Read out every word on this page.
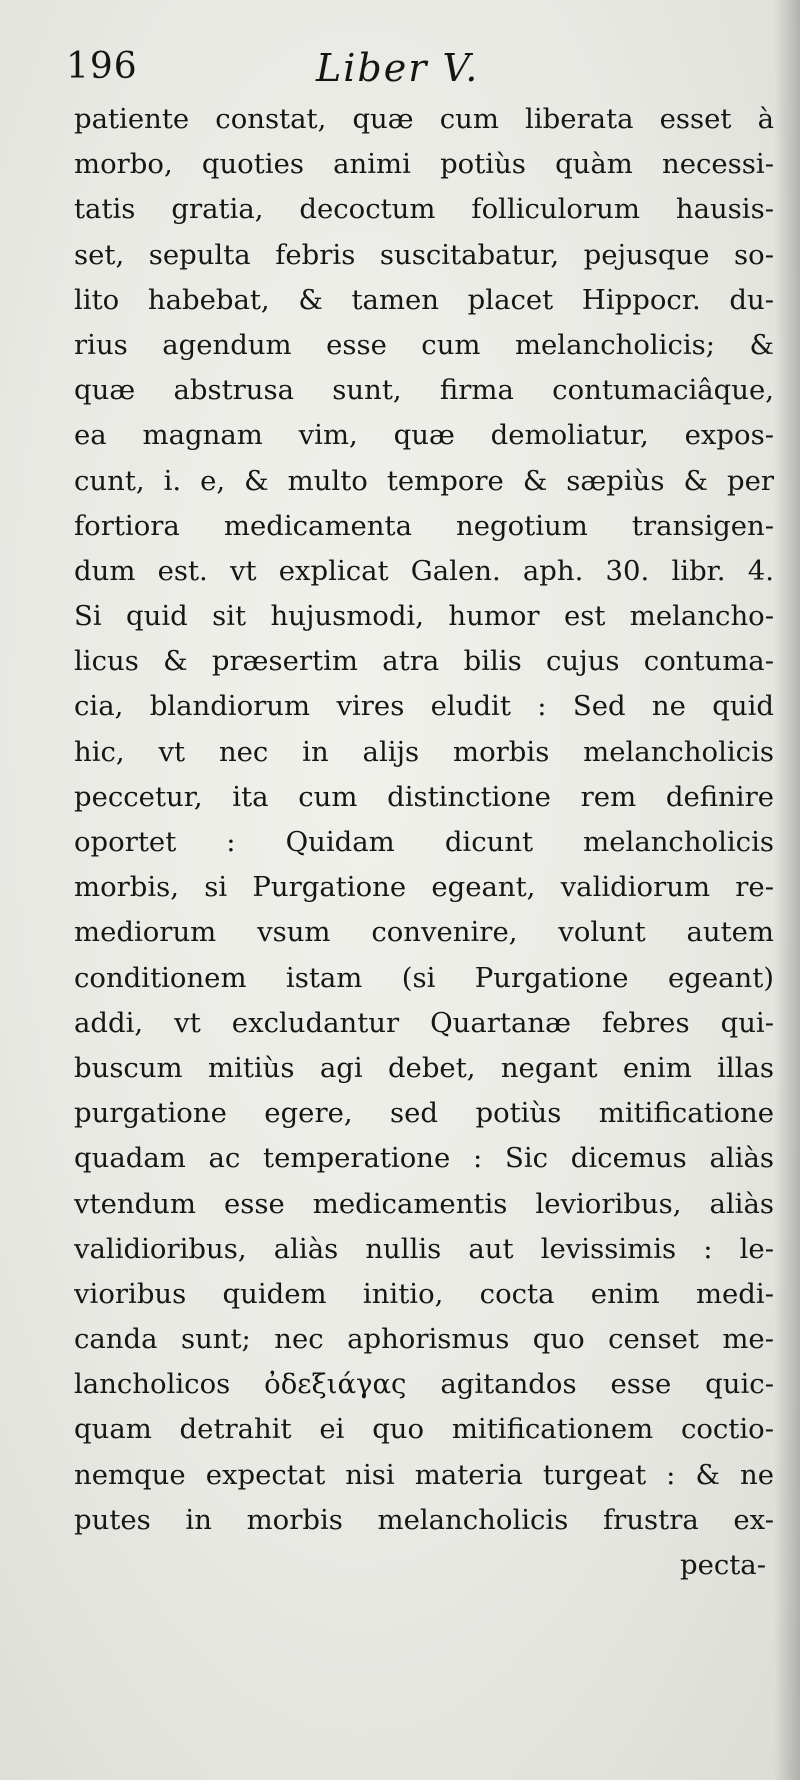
196	Liber V.
patiente constat, quæ cum liberata esset à
morbo, quoties animi potiùs quàm necessi-
tatis gratia, decoctum folliculorum hausis-
set, sepulta febris suscitabatur, pejusque so-
lito habebat, & tamen placet Hippocr. du-
rius agendum esse cum melancholicis; &
quæ abstrusa sunt, firma contumaciâque,
ea magnam vim, quæ demoliatur, expos-
cunt, i. e, & multo tempore & sæpiùs & per
fortiora medicamenta negotium transigen-
dum est. vt explicat Galen. aph. 30. libr. 4.
Si quid sit hujusmodi, humor est melancho-
licus & præsertim atra bilis cujus contuma-
cia, blandiorum vires eludit : Sed ne quid
hic, vt nec in alijs morbis melancholicis
peccetur, ita cum distinctione rem definire
oportet : Quidam dicunt melancholicis
morbis, si Purgatione egeant, validiorum re-
mediorum vsum convenire, volunt autem
conditionem istam (si Purgatione egeant)
addi, vt excludantur Quartanæ febres qui-
buscum mitiùs agi debet, negant enim illas
purgatione egere, sed potiùs mitificatione
quadam ac temperatione : Sic dicemus aliàs
vtendum esse medicamentis levioribus, aliàs
validioribus, aliàs nullis aut levissimis : le-
vioribus quidem initio, cocta enim medi-
canda sunt; nec aphorismus quo censet me-
lancholicos ὀδεξιάγας agitandos esse quic-
quam detrahit ei quo mitificationem coctio-
nemque expectat nisi materia turgeat : & ne
putes in morbis melancholicis frustra ex-
pecta-
